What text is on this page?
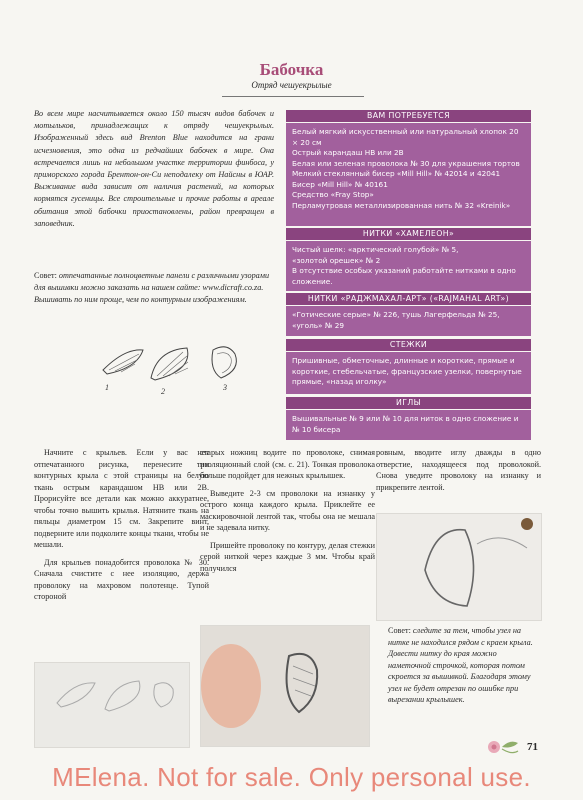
Бабочка
Отряд чешуекрылые
Во всем мире насчитывается около 150 тысяч видов бабочек и мотыльков, принадлежащих к отряду чешуекрылых. Изображенный здесь вид Brenton Blue находится на грани исчезновения, это одна из редчайших бабочек в мире. Она встречается лишь на небольшом участке территории финбоса, у приморского города Брентон-он-Си неподалеку от Найсны в ЮАР. Выживание вида зависит от наличия растений, на которых кормятся гусеницы. Все строительные и прочие работы в ареале обитания этой бабочки приостановлены, район превращен в заповедник.
Совет: отпечатанные полноцветные панели с различными узорами для вышивки можно заказать на нашем сайте: www.dicraft.co.za. Вышивать по ним проще, чем по контурным изображениям.
1	2	3
ВАМ ПОТРЕБУЕТСЯ
Белый мягкий искусственный или натуральный хлопок 20 × 20 см
Острый карандаш НВ или 2В
Белая или зеленая проволока № 30 для украшения тортов
Мелкий стеклянный бисер «Mill Hill» № 42014 и 42041
Бисер «Mill Hill» № 40161
Средство «Fray Stop»
Перламутровая металлизированная нить № 32 «Kreinik»
НИТКИ «ХАМЕЛЕОН»
Чистый шелк: «арктический голубой» № 5,
«золотой орешек» № 2
В отсутствие особых указаний работайте нитками в одно сложение.
НИТКИ «РАДЖМАХАЛ-АРТ» («RAJMAHAL ART»)
«Готические серые» № 226, тушь Лагерфельда № 25,
«уголь» № 29
СТЕЖКИ
Пришивные, обметочные, длинные и короткие, прямые и короткие, стебельчатые, французские узелки, повернутые прямые, «назад иголку»
ИГЛЫ
Вышивальные № 9 или № 10 для ниток в одно сложение и № 10 бисера

Начните с крыльев. Если у вас нет отпечатанного рисунка, перенесите три контурных крыла с этой страницы на белую ткань острым карандашом НВ или 2В. Прорисуйте все детали как можно аккуратнее, чтобы точно вышить крылья. Натяните ткань на пяльцы диаметром 15 см. Закрепите винт, подверните или подколите концы ткани, чтобы не мешали.

Для крыльев понадобится проволока № 30. Сначала счистите с нее изоляцию, держа проволоку на махровом полотенце. Тупой стороной

старых ножниц водите по проволоке, снимая изоляционный слой (см. с. 21). Тонкая проволока больше подойдет для нежных крылышек.

Выведите 2-3 см проволоки на изнанку у острого конца каждого крыла. Приклейте ее маскировочной лентой так, чтобы она не мешала и не задевала нитку.

Пришейте проволоку по контуру, делая стежки серой ниткой через каждые 3 мм. Чтобы край получился

ровным, вводите иглу дважды в одно отверстие, находящееся под проволокой. Снова уведите проволоку на изнанку и прикрепите лентой.

Совет: следите за тем, чтобы узел на нитке не находился рядом с краем крыла. Довести нитку до края можно наметочной строчкой, которая потом скроется за вышивкой. Благодаря этому узел не будет отрезан по ошибке при вырезании крылышек.
71
MElena. Not for sale. Only personal use.
